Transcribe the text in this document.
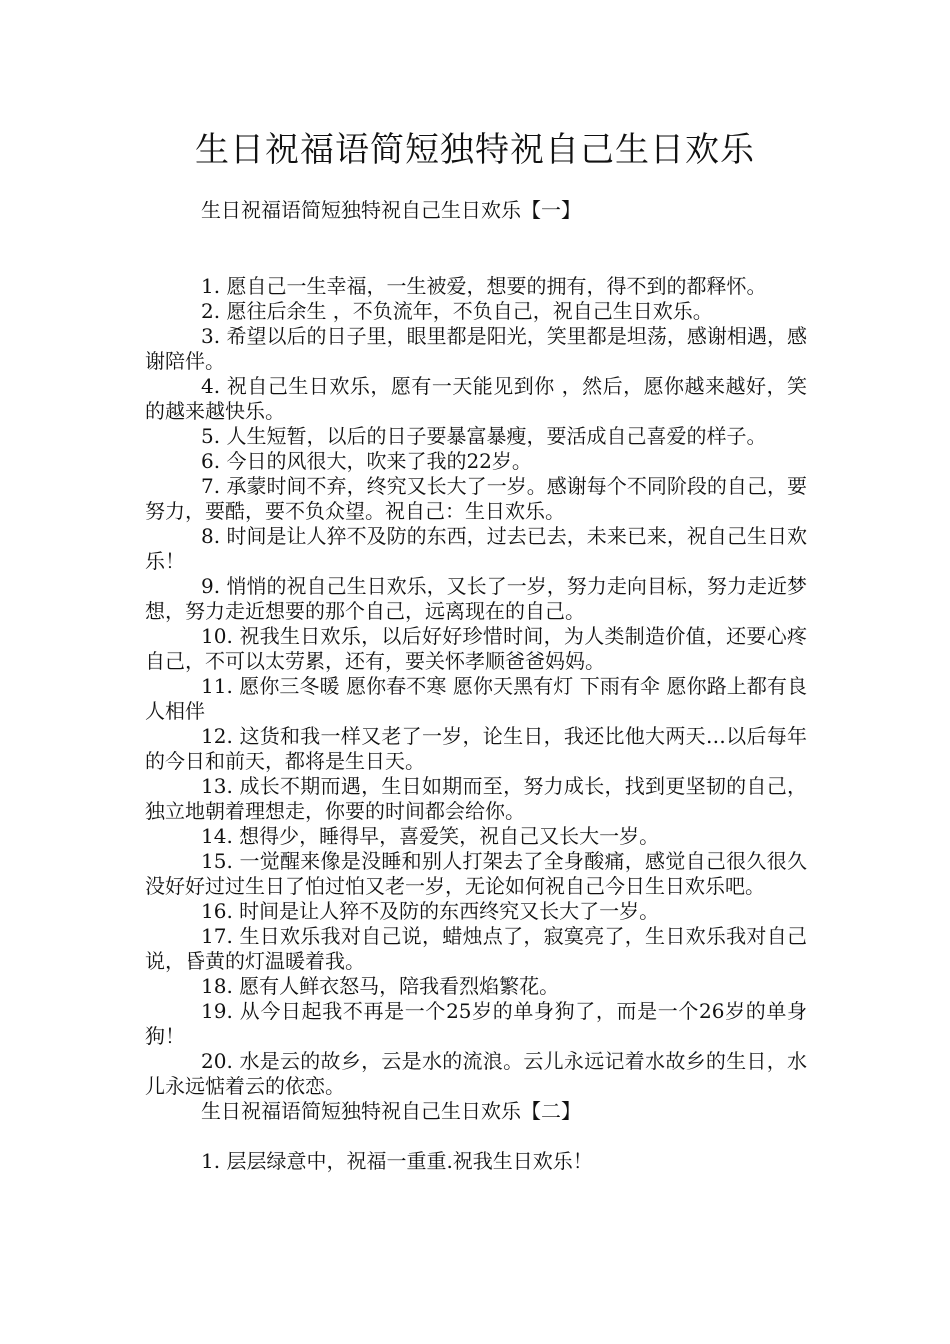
生日祝福语简短独特祝自己生日欢乐

生日祝福语简短独特祝自己生日欢乐【一】

1. 愿自己一生幸福，一生被爱，想要的拥有，得不到的都释怀。

2. 愿往后余生 ，不负流年，不负自己，祝自己生日欢乐。

3. 希望以后的日子里，眼里都是阳光，笑里都是坦荡，感谢相遇，感谢陪伴。

4. 祝自己生日欢乐，愿有一天能见到你 ，然后，愿你越来越好，笑的越来越快乐。

5. 人生短暂，以后的日子要暴富暴瘦，要活成自己喜爱的样子。

6. 今日的风很大，吹来了我的22岁。

7. 承蒙时间不弃，终究又长大了一岁。感谢每个不同阶段的自己，要努力，要酷，要不负众望。祝自己：生日欢乐。

8. 时间是让人猝不及防的东西，过去已去，未来已来，祝自己生日欢乐！

9. 悄悄的祝自己生日欢乐，又长了一岁，努力走向目标，努力走近梦想，努力走近想要的那个自己，远离现在的自己。

10. 祝我生日欢乐，以后好好珍惜时间，为人类制造价值，还要心疼自己，不可以太劳累，还有，要关怀孝顺爸爸妈妈。

11. 愿你三冬暖 愿你春不寒 愿你天黑有灯 下雨有伞 愿你路上都有良人相伴

12. 这货和我一样又老了一岁，论生日，我还比他大两天…以后每年的今日和前天，都将是生日天。

13. 成长不期而遇，生日如期而至，努力成长，找到更坚韧的自己，独立地朝着理想走，你要的时间都会给你。

14. 想得少，睡得早，喜爱笑，祝自己又长大一岁。

15. 一觉醒来像是没睡和别人打架去了全身酸痛，感觉自己很久很久没好好过过生日了怕过怕又老一岁，无论如何祝自己今日生日欢乐吧。

16. 时间是让人猝不及防的东西终究又长大了一岁。

17. 生日欢乐我对自己说，蜡烛点了，寂寞亮了，生日欢乐我对自己说，昏黄的灯温暖着我。

18. 愿有人鲜衣怒马，陪我看烈焰繁花。

19. 从今日起我不再是一个25岁的单身狗了，而是一个26岁的单身狗！

20. 水是云的故乡，云是水的流浪。云儿永远记着水故乡的生日，水儿永远惦着云的依恋。

生日祝福语简短独特祝自己生日欢乐【二】

1. 层层绿意中，祝福一重重.祝我生日欢乐！
